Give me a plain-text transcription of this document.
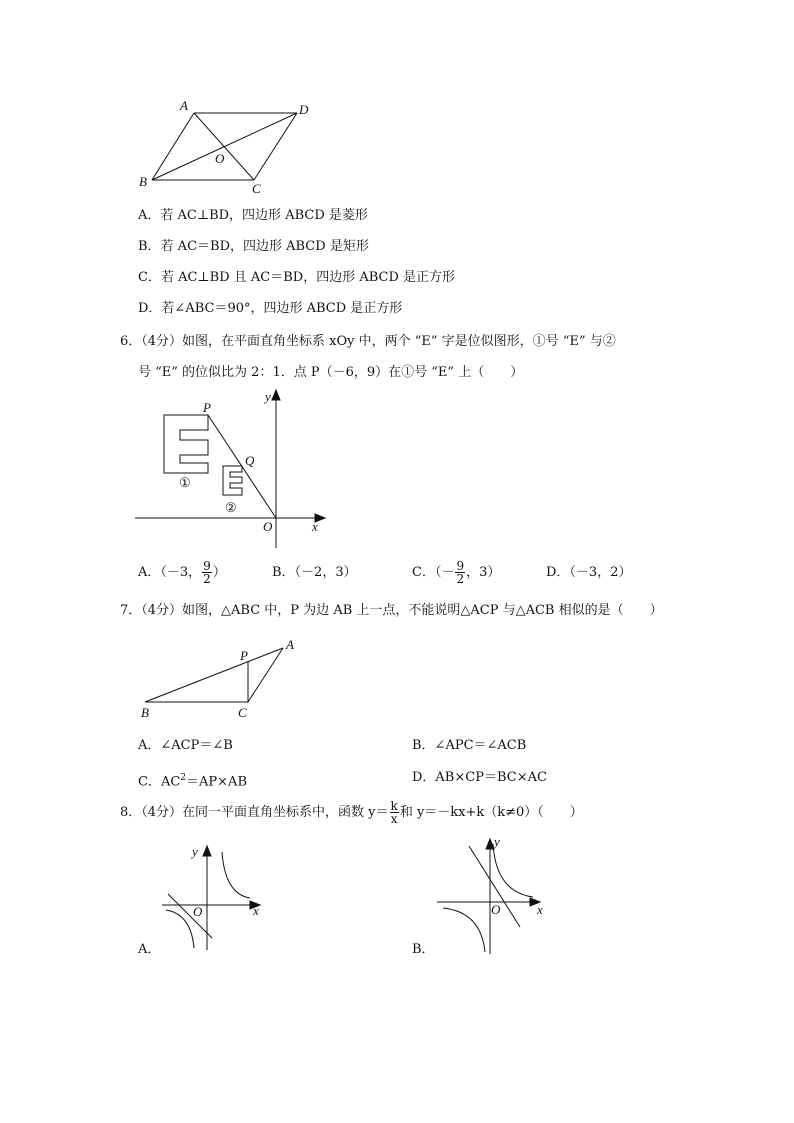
A	D
O
B	C
A．若 AC⊥BD，四边形 ABCD 是菱形
B．若 AC＝BD，四边形 ABCD 是矩形
C．若 AC⊥BD 且 AC＝BD，四边形 ABCD 是正方形
D．若∠ABC＝90°，四边形 ABCD 是正方形
6．（4分）如图，在平面直角坐标系 xOy 中，两个 “E” 字是位似图形，①号 “E” 与②
号 “E” 的位似比为 2：1．点 P（－6，9）在①号 “E” 上（　　）
y
P
Q
①
②
O	x
A．（－3， $\frac{9}{2}$ ）	B．（－2，3）	C．（－ $\frac{9}{2}$ ，3）	D．（－3，2）
7．（4分）如图，△ABC 中，P 为边 AB 上一点，不能说明△ACP 与△ACB 相似的是（　　）
P
A
B	C
A．∠ACP＝∠B	B．∠APC＝∠ACB
C．$AC^2=AP\times AB$	D．AB×CP＝BC×AC
8．（4分）在同一平面直角坐标系中，函数 $y= \frac{k}{x}$ 和 y＝－kx+k（k≠0）（　　）
y
O	x
A．
y
O	x
B．
